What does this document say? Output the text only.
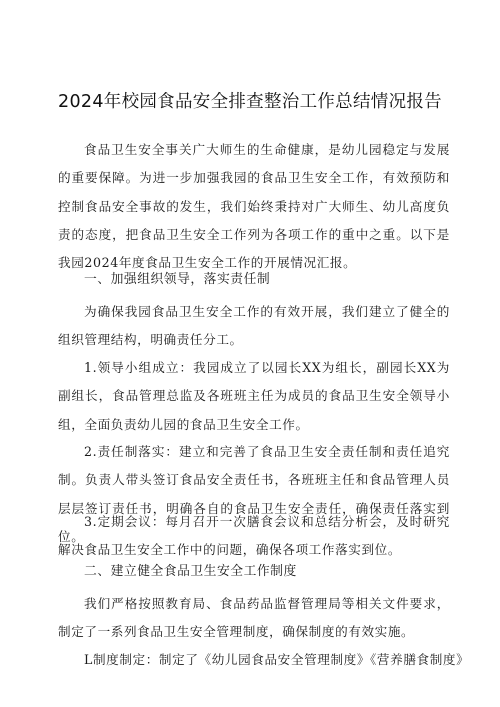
2024年校园食品安全排查整治工作总结情况报告

食品卫生安全事关广大师生的生命健康，是幼儿园稳定与发展的重要保障。为进一步加强我园的食品卫生安全工作，有效预防和控制食品安全事故的发生，我们始终秉持对广大师生、幼儿高度负责的态度，把食品卫生安全工作列为各项工作的重中之重。以下是我园2024年度食品卫生安全工作的开展情况汇报。

一、加强组织领导，落实责任制

为确保我园食品卫生安全工作的有效开展，我们建立了健全的组织管理结构，明确责任分工。

1.领导小组成立：我园成立了以园长XX为组长，副园长XX为副组长，食品管理总监及各班班主任为成员的食品卫生安全领导小组，全面负责幼儿园的食品卫生安全工作。

2.责任制落实：建立和完善了食品卫生安全责任制和责任追究制。负责人带头签订食品安全责任书，各班班主任和食品管理人员层层签订责任书，明确各自的食品卫生安全责任，确保责任落实到位。

3.定期会议：每月召开一次膳食会议和总结分析会，及时研究解决食品卫生安全工作中的问题，确保各项工作落实到位。

二、建立健全食品卫生安全工作制度

我们严格按照教育局、食品药品监督管理局等相关文件要求，制定了一系列食品卫生安全管理制度，确保制度的有效实施。

L制度制定：制定了《幼儿园食品安全管理制度》《营养膳食制度》
